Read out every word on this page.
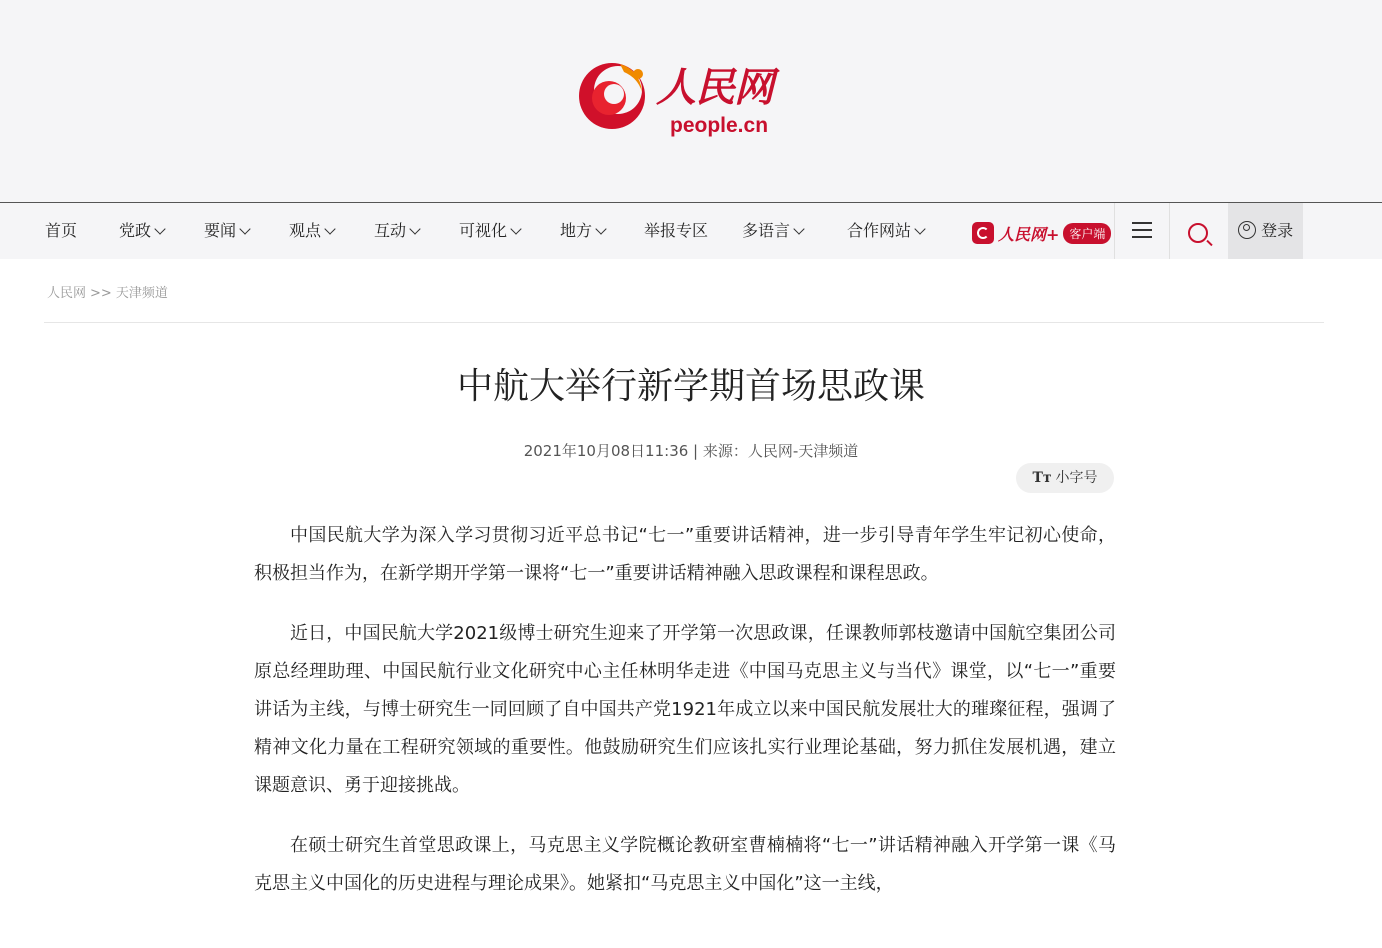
人民网
people.cn
首页	党政	要闻	观点	互动	可视化	地方	举报专区 多语言	合作网站	人民网+ 客户端	登录
人民网 >> 天津频道
中航大举行新学期首场思政课
2021年10月08日11:36 | 来源：人民网-天津频道
Tт 小字号

中国民航大学为深入学习贯彻习近平总书记“七一”重要讲话精神，进一步引导青年学生牢记初心使命，积极担当作为，在新学期开学第一课将“七一”重要讲话精神融入思政课程和课程思政。

近日，中国民航大学2021级博士研究生迎来了开学第一次思政课，任课教师郭枝邀请中国航空集团公司原总经理助理、中国民航行业文化研究中心主任林明华走进《中国马克思主义与当代》课堂，以“七一”重要讲话为主线，与博士研究生一同回顾了自中国共产党1921年成立以来中国民航发展壮大的璀璨征程，强调了精神文化力量在工程研究领域的重要性。他鼓励研究生们应该扎实行业理论基础，努力抓住发展机遇，建立课题意识、勇于迎接挑战。

在硕士研究生首堂思政课上，马克思主义学院概论教研室曹楠楠将“七一”讲话精神融入开学第一课《马克思主义中国化的历史进程与理论成果》。她紧扣“马克思主义中国化”这一主线，
